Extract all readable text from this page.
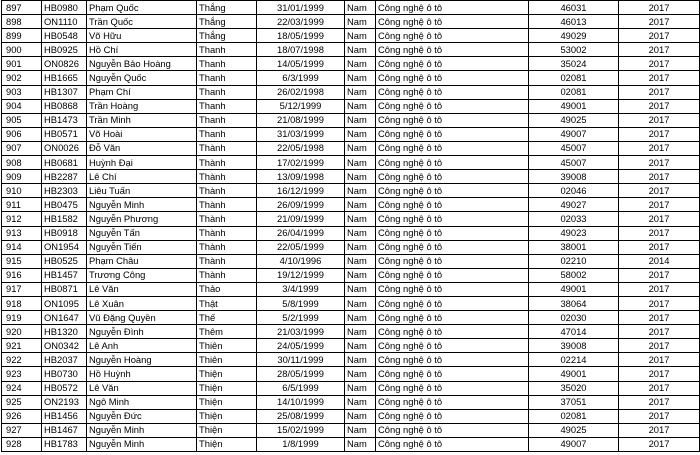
897	HB0980	Phạm Quốc	Thắng	31/01/1999	Nam	Công nghệ ô tô	46031	2017
898	ON1110	Trần Quốc	Thắng	22/03/1999	Nam	Công nghệ ô tô	46013	2017
899	HB0548	Võ Hữu	Thắng	18/05/1999	Nam	Công nghệ ô tô	49029	2017
900	HB0925	Hồ Chí	Thanh	18/07/1998	Nam	Công nghệ ô tô	53002	2017
901	ON0826	Nguyễn Bảo Hoàng	Thanh	14/05/1999	Nam	Công nghệ ô tô	35024	2017
902	HB1665	Nguyễn Quốc	Thanh	6/3/1999	Nam	Công nghệ ô tô	02081	2017
903	HB1307	Phạm Chí	Thanh	26/02/1998	Nam	Công nghệ ô tô	02081	2017
904	HB0868	Trần Hoàng	Thanh	5/12/1999	Nam	Công nghệ ô tô	49001	2017
905	HB1473	Trần Minh	Thanh	21/08/1999	Nam	Công nghệ ô tô	49025	2017
906	HB0571	Võ Hoài	Thanh	31/03/1999	Nam	Công nghệ ô tô	49007	2017
907	ON0026	Đỗ Văn	Thành	22/05/1998	Nam	Công nghệ ô tô	45007	2017
908	HB0681	Huỳnh Đại	Thành	17/02/1999	Nam	Công nghệ ô tô	45007	2017
909	HB2287	Lê Chí	Thành	13/09/1998	Nam	Công nghệ ô tô	39008	2017
910	HB2303	Liêu Tuấn	Thành	16/12/1999	Nam	Công nghệ ô tô	02046	2017
911	HB0475	Nguyễn Minh	Thành	26/09/1999	Nam	Công nghệ ô tô	49027	2017
912	HB1582	Nguyễn Phương	Thành	21/09/1999	Nam	Công nghệ ô tô	02033	2017
913	HB0918	Nguyễn Tấn	Thành	26/04/1999	Nam	Công nghệ ô tô	49023	2017
914	ON1954	Nguyễn Tiến	Thành	22/05/1999	Nam	Công nghệ ô tô	38001	2017
915	HB0525	Phạm Châu	Thành	4/10/1996	Nam	Công nghệ ô tô	02210	2014
916	HB1457	Trương Công	Thành	19/12/1999	Nam	Công nghệ ô tô	58002	2017
917	HB0871	Lê Văn	Thảo	3/4/1999	Nam	Công nghệ ô tô	49001	2017
918	ON1095	Lê Xuân	Thật	5/8/1999	Nam	Công nghệ ô tô	38064	2017
919	ON1647	Vũ Đặng Quyền	Thế	5/2/1999	Nam	Công nghệ ô tô	02030	2017
920	HB1320	Nguyễn Đình	Thêm	21/03/1999	Nam	Công nghệ ô tô	47014	2017
921	ON0342	Lê Anh	Thiên	24/05/1999	Nam	Công nghệ ô tô	39008	2017
922	HB2037	Nguyễn Hoàng	Thiên	30/11/1999	Nam	Công nghệ ô tô	02214	2017
923	HB0730	Hồ Huỳnh	Thiện	28/05/1999	Nam	Công nghệ ô tô	49001	2017
924	HB0572	Lê Văn	Thiện	6/5/1999	Nam	Công nghệ ô tô	35020	2017
925	ON2193	Ngô Minh	Thiện	14/10/1999	Nam	Công nghệ ô tô	37051	2017
926	HB1456	Nguyễn Đức	Thiện	25/08/1999	Nam	Công nghệ ô tô	02081	2017
927	HB1467	Nguyễn Minh	Thiện	15/02/1999	Nam	Công nghệ ô tô	49025	2017
928	HB1783	Nguyễn Minh	Thiện	1/8/1999	Nam	Công nghệ ô tô	49007	2017
